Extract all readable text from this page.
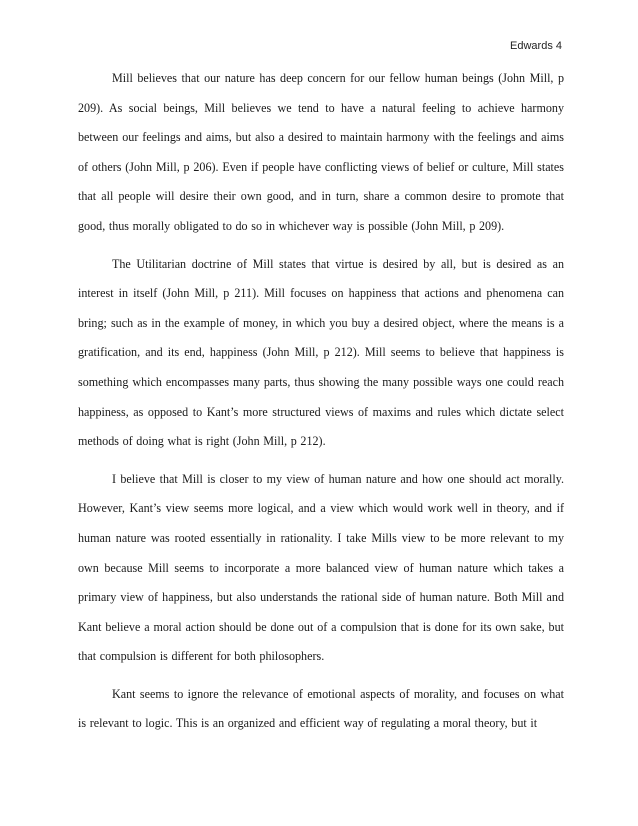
Edwards 4

Mill believes that our nature has deep concern for our fellow human beings (John Mill, p 209). As social beings, Mill believes we tend to have a natural feeling to achieve harmony between our feelings and aims, but also a desired to maintain harmony with the feelings and aims of others (John Mill, p 206). Even if people have conflicting views of belief or culture, Mill states that all people will desire their own good, and in turn, share a common desire to promote that good, thus morally obligated to do so in whichever way is possible (John Mill, p 209).

The Utilitarian doctrine of Mill states that virtue is desired by all, but is desired as an interest in itself (John Mill, p 211). Mill focuses on happiness that actions and phenomena can bring; such as in the example of money, in which you buy a desired object, where the means is a gratification, and its end, happiness (John Mill, p 212). Mill seems to believe that happiness is something which encompasses many parts, thus showing the many possible ways one could reach happiness, as opposed to Kant’s more structured views of maxims and rules which dictate select methods of doing what is right (John Mill, p 212).

I believe that Mill is closer to my view of human nature and how one should act morally. However, Kant’s view seems more logical, and a view which would work well in theory, and if human nature was rooted essentially in rationality. I take Mills view to be more relevant to my own because Mill seems to incorporate a more balanced view of human nature which takes a primary view of happiness, but also understands the rational side of human nature. Both Mill and Kant believe a moral action should be done out of a compulsion that is done for its own sake, but that compulsion is different for both philosophers.

Kant seems to ignore the relevance of emotional aspects of morality, and focuses on what is relevant to logic. This is an organized and efficient way of regulating a moral theory, but it
